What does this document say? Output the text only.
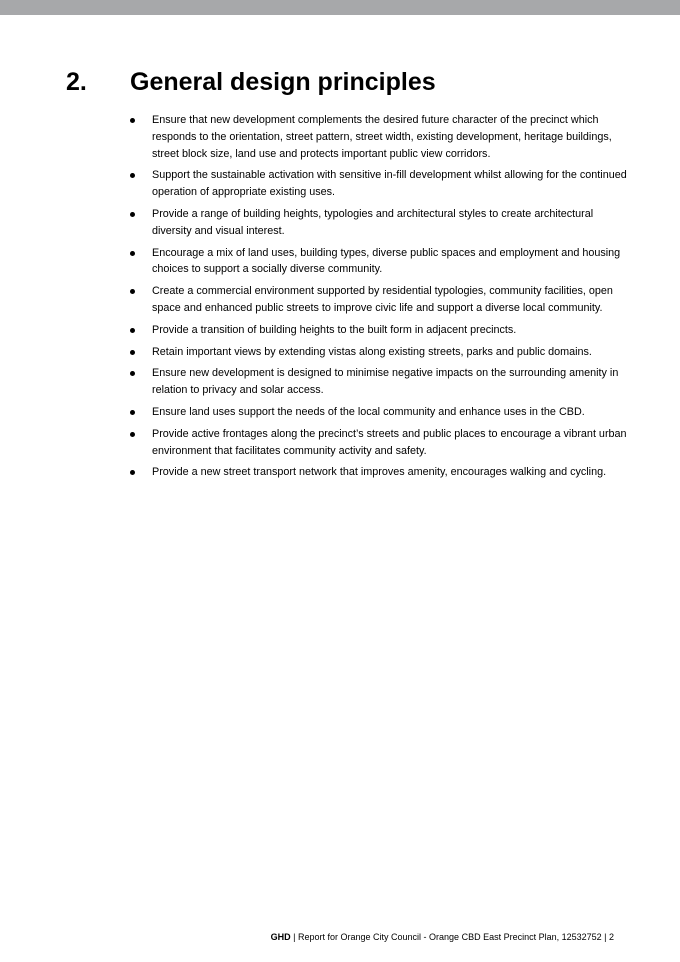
2. General design principles
Ensure that new development complements the desired future character of the precinct which responds to the orientation, street pattern, street width, existing development, heritage buildings, street block size, land use and protects important public view corridors.
Support the sustainable activation with sensitive in-fill development whilst allowing for the continued operation of appropriate existing uses.
Provide a range of building heights, typologies and architectural styles to create architectural diversity and visual interest.
Encourage a mix of land uses, building types, diverse public spaces and employment and housing choices to support a socially diverse community.
Create a commercial environment supported by residential typologies, community facilities, open space and enhanced public streets to improve civic life and support a diverse local community.
Provide a transition of building heights to the built form in adjacent precincts.
Retain important views by extending vistas along existing streets, parks and public domains.
Ensure new development is designed to minimise negative impacts on the surrounding amenity in relation to privacy and solar access.
Ensure land uses support the needs of the local community and enhance uses in the CBD.
Provide active frontages along the precinct’s streets and public places to encourage a vibrant urban environment that facilitates community activity and safety.
Provide a new street transport network that improves amenity, encourages walking and cycling.
GHD | Report for Orange City Council - Orange CBD East Precinct Plan, 12532752 | 2
